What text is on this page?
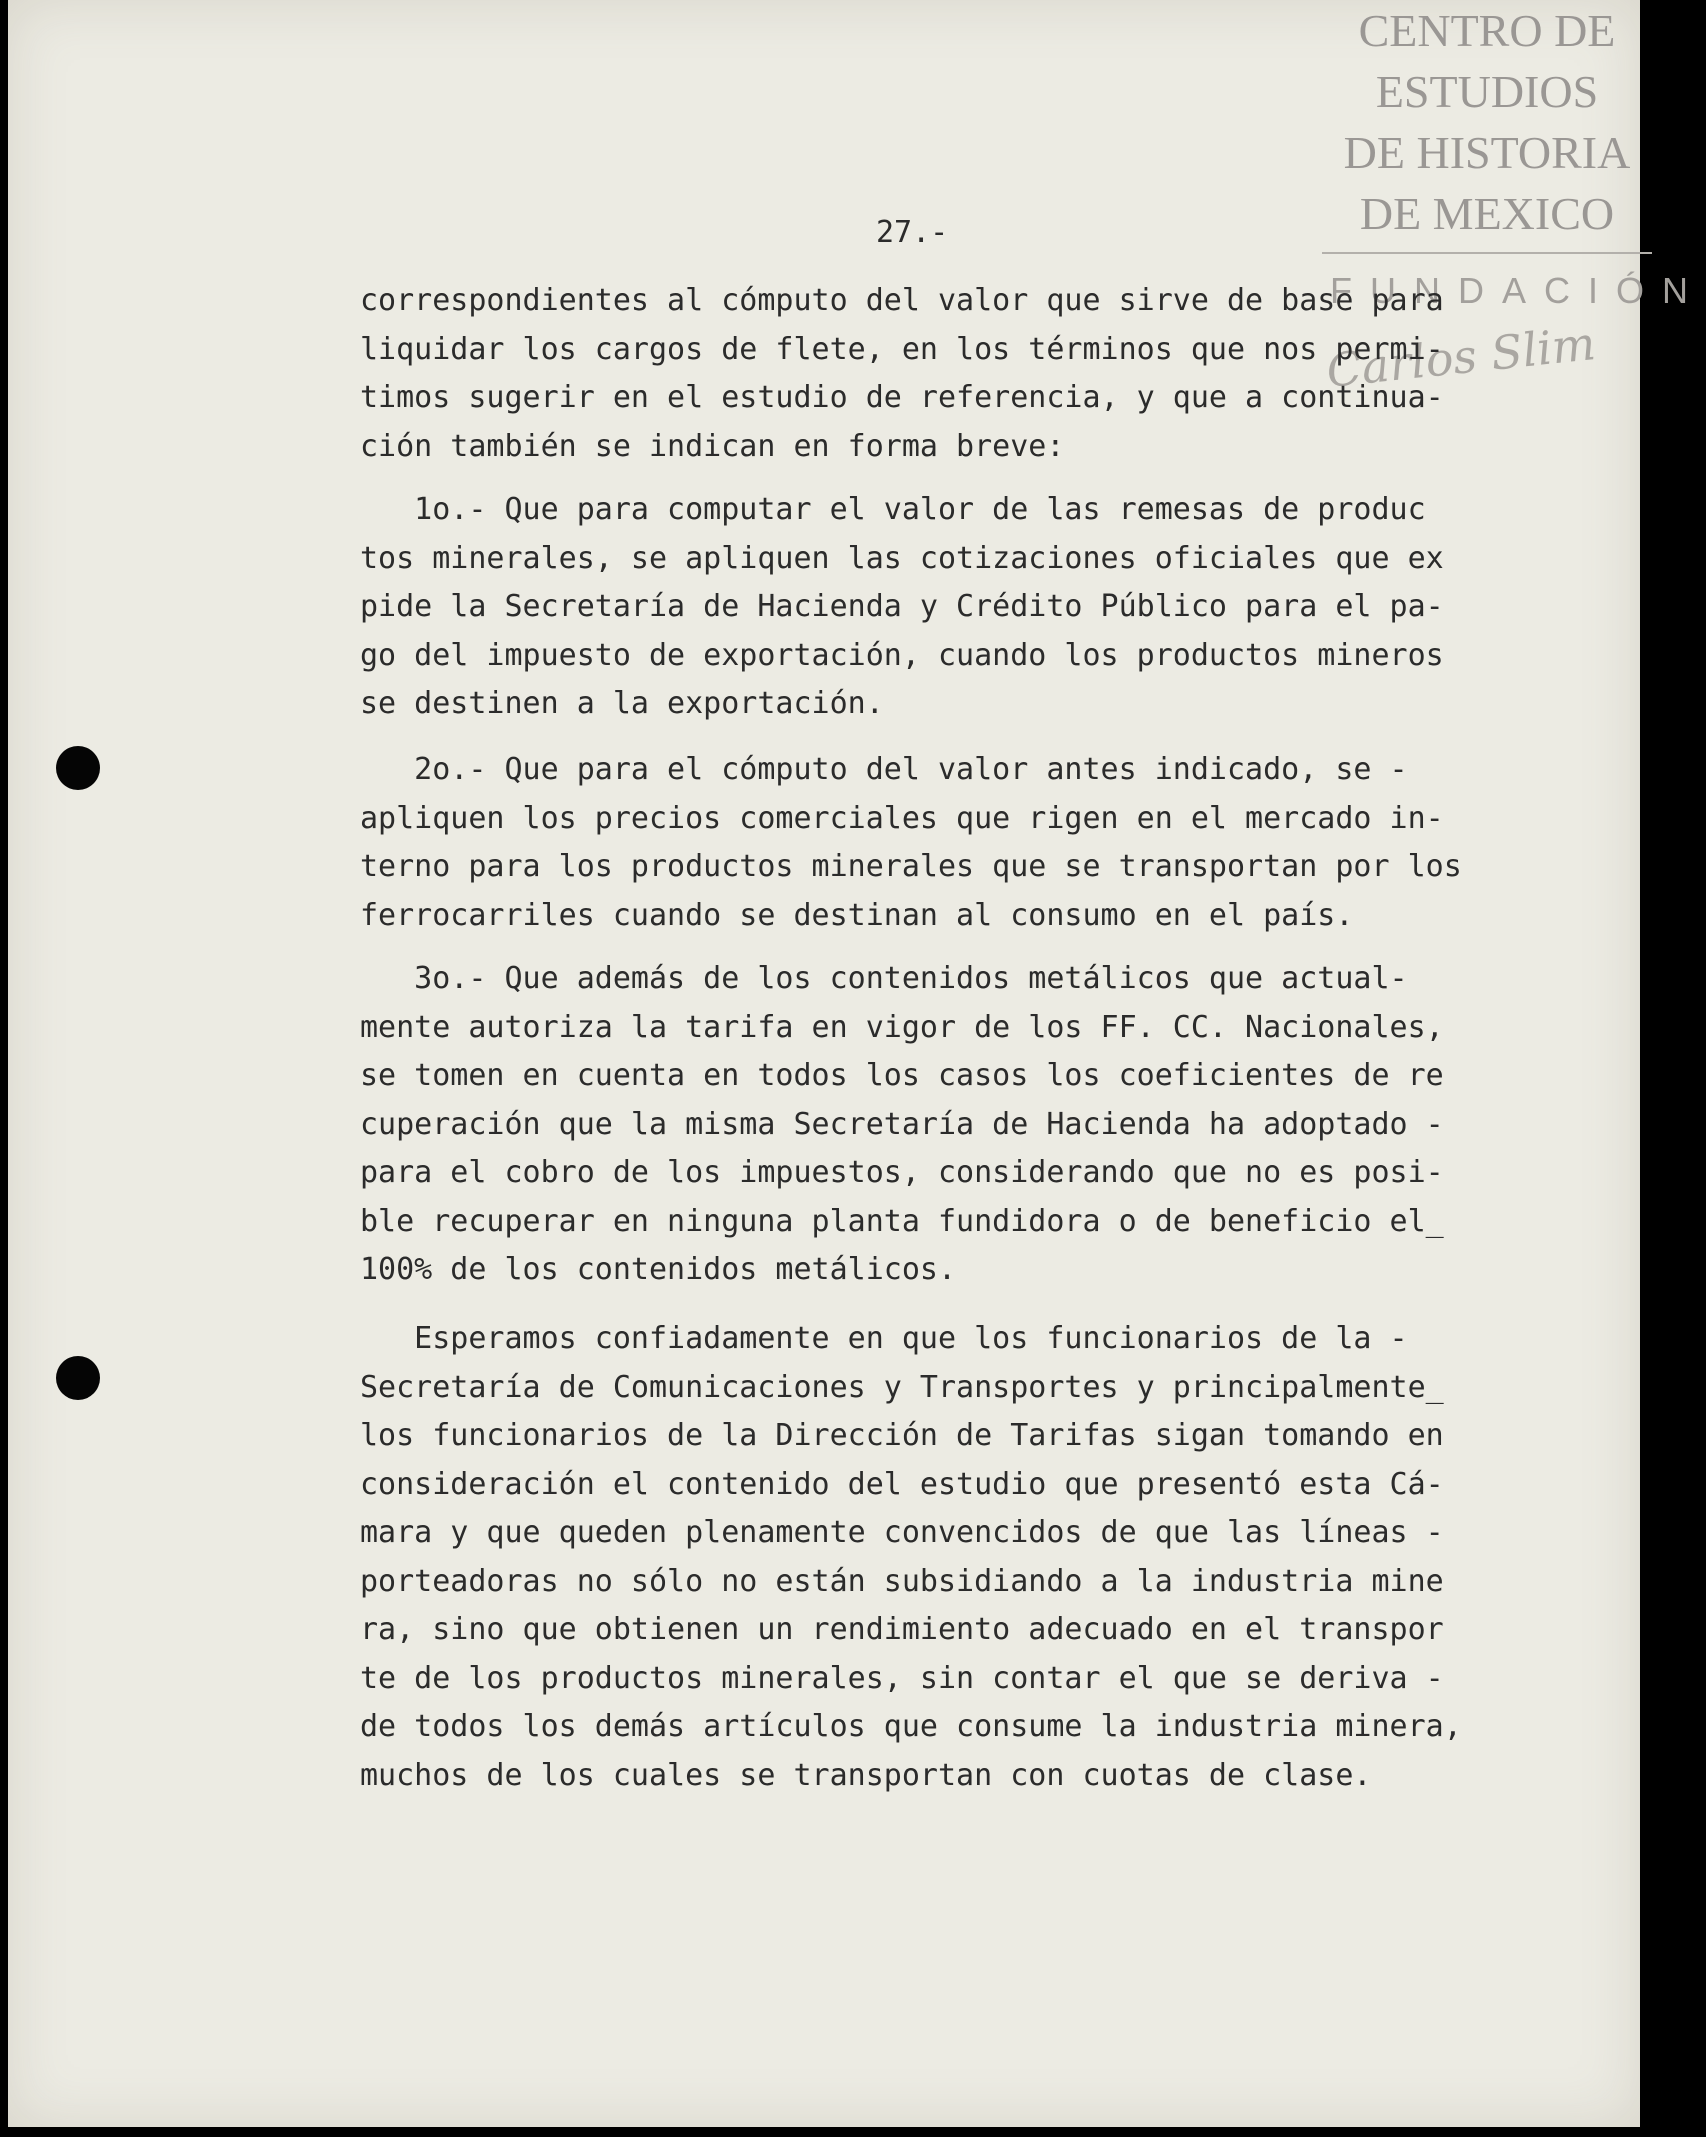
CENTRO DE
ESTUDIOS
DE HISTORIA
DE MEXICO
FUNDACIÓN
Carlos Slim
27.-
correspondientes al cómputo del valor que sirve de base para
liquidar los cargos de flete, en los términos que nos permi-
timos sugerir en el estudio de referencia, y que a continua-
ción también se indican en forma breve:
1o.- Que para computar el valor de las remesas de produc
tos minerales, se apliquen las cotizaciones oficiales que ex
pide la Secretaría de Hacienda y Crédito Público para el pa-
go del impuesto de exportación, cuando los productos mineros
se destinen a la exportación.
2o.- Que para el cómputo del valor antes indicado, se -
apliquen los precios comerciales que rigen en el mercado in-
terno para los productos minerales que se transportan por los
ferrocarriles cuando se destinan al consumo en el país.
3o.- Que además de los contenidos metálicos que actual-
mente autoriza la tarifa en vigor de los FF. CC. Nacionales,
se tomen en cuenta en todos los casos los coeficientes de re
cuperación que la misma Secretaría de Hacienda ha adoptado -
para el cobro de los impuestos, considerando que no es posi-
ble recuperar en ninguna planta fundidora o de beneficio el_
100% de los contenidos metálicos.
Esperamos confiadamente en que los funcionarios de la -
Secretaría de Comunicaciones y Transportes y principalmente_
los funcionarios de la Dirección de Tarifas sigan tomando en
consideración el contenido del estudio que presentó esta Cá-
mara y que queden plenamente convencidos de que las líneas -
porteadoras no sólo no están subsidiando a la industria mine
ra, sino que obtienen un rendimiento adecuado en el transpor
te de los productos minerales, sin contar el que se deriva -
de todos los demás artículos que consume la industria minera,
muchos de los cuales se transportan con cuotas de clase.
